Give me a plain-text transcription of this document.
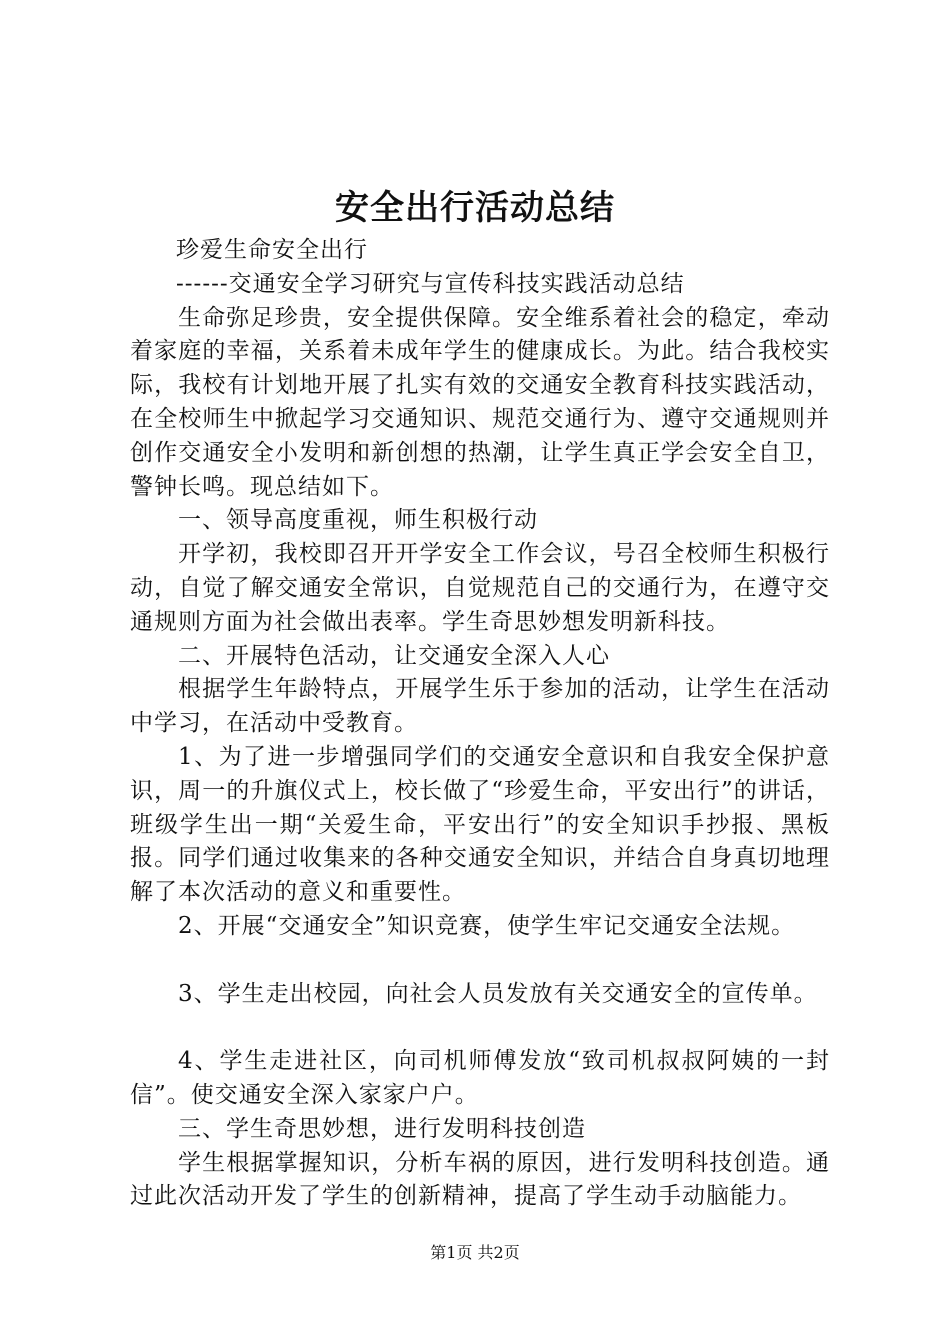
安全出行活动总结

珍爱生命安全出行

------交通安全学习研究与宣传科技实践活动总结

生命弥足珍贵，安全提供保障。安全维系着社会的稳定，牵动着家庭的幸福，关系着未成年学生的健康成长。为此。结合我校实际，我校有计划地开展了扎实有效的交通安全教育科技实践活动，在全校师生中掀起学习交通知识、规范交通行为、遵守交通规则并创作交通安全小发明和新创想的热潮，让学生真正学会安全自卫，警钟长鸣。现总结如下。

一、领导高度重视，师生积极行动

开学初，我校即召开开学安全工作会议，号召全校师生积极行动，自觉了解交通安全常识，自觉规范自己的交通行为，在遵守交通规则方面为社会做出表率。学生奇思妙想发明新科技。

二、开展特色活动，让交通安全深入人心

根据学生年龄特点，开展学生乐于参加的活动，让学生在活动中学习，在活动中受教育。

1、为了进一步增强同学们的交通安全意识和自我安全保护意识，周一的升旗仪式上，校长做了“珍爱生命，平安出行”的讲话，班级学生出一期“关爱生命，平安出行”的安全知识手抄报、黑板报。同学们通过收集来的各种交通安全知识，并结合自身真切地理解了本次活动的意义和重要性。

2、开展“交通安全”知识竞赛，使学生牢记交通安全法规。

3、学生走出校园，向社会人员发放有关交通安全的宣传单。

4、学生走进社区，向司机师傅发放“致司机叔叔阿姨的一封信”。使交通安全深入家家户户。

三、学生奇思妙想，进行发明科技创造

学生根据掌握知识，分析车祸的原因，进行发明科技创造。通过此次活动开发了学生的创新精神，提高了学生动手动脑能力。

第1页 共2页
